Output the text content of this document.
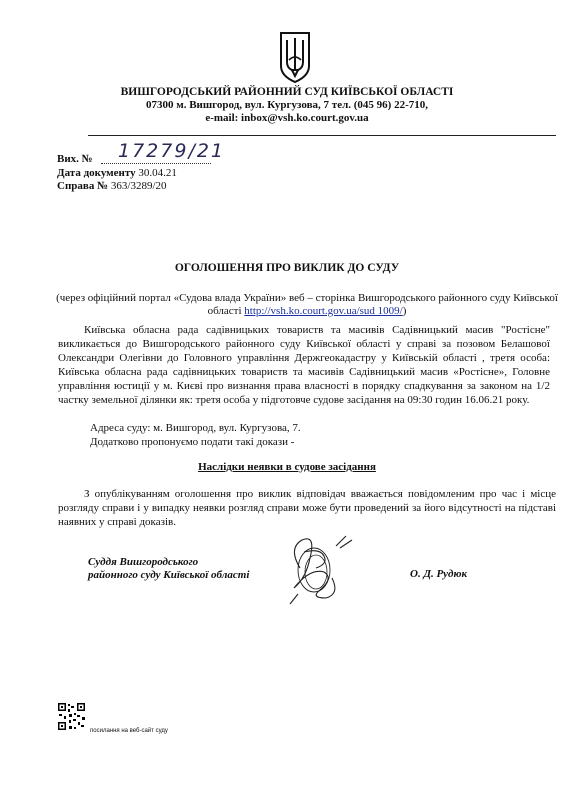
ВИШГОРОДСЬКИЙ РАЙОННИЙ СУД КИЇВСЬКОЇ ОБЛАСТІ
07300 м. Вишгород, вул. Кургузова, 7 тел. (045 96) 22-710,
e-mail: inbox@vsh.ko.court.gov.ua
Вих. №	17279/21
Дата документу 30.04.21
Справа № 363/3289/20
ОГОЛОШЕННЯ ПРО ВИКЛИК ДО СУДУ
(через офіційний портал «Судова влада України» веб – сторінка Вишгородського районного суду Київської області http://vsh.ko.court.gov.ua/sud 1009/)
Київська обласна рада садівницьких товариств та масивів Садівницький масив "Ростісне" викликається до Вишгородського районного суду Київської області у справі за позовом Белашової Олександри Олегівни до Головного управління Держгеокадастру у Київській області , третя особа: Київська обласна рада садівницьких товариств та масивів Садівницький масив «Ростісне», Головне управління юстиції у м. Києві про визнання права власності в порядку спадкування за законом на 1/2 частку земельної ділянки як: третя особа у підготовче судове засідання на 09:30 годин 16.06.21 року.
Адреса суду: м. Вишгород, вул. Кургузова, 7.
Додатково пропонуємо подати такі докази -
Наслідки неявки в судове засідання
З опублікуванням оголошення про виклик відповідач вважається повідомленим про час і місце розгляду справи і у випадку неявки розгляд справи може бути проведений за його відсутності на підставі наявних у справі доказів.
Суддя Вишгородського
районного суду Київської області	О. Д. Рудюк
посилання на веб-сайт суду
